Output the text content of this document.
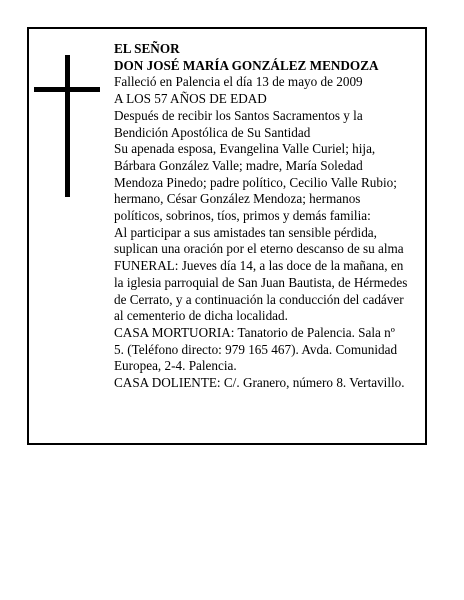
EL SEÑOR
DON JOSÉ MARÍA GONZÁLEZ MENDOZA
Falleció en Palencia el día 13 de mayo de 2009
A LOS 57 AÑOS DE EDAD
Después de recibir los Santos Sacramentos y la
Bendición Apostólica de Su Santidad
Su apenada esposa, Evangelina Valle Curiel; hija,
Bárbara González Valle; madre, María Soledad
Mendoza Pinedo; padre político, Cecilio Valle Rubio;
hermano, César González Mendoza; hermanos
políticos, sobrinos, tíos, primos y demás familia:
Al participar a sus amistades tan sensible pérdida,
suplican una oración por el eterno descanso de su alma
FUNERAL: Jueves día 14, a las doce de la mañana, en
la iglesia parroquial de San Juan Bautista, de Hérmedes
de Cerrato, y a continuación la conducción del cadáver
al cementerio de dicha localidad.
CASA MORTUORIA: Tanatorio de Palencia. Sala nº
5. (Teléfono directo: 979 165 467). Avda. Comunidad
Europea, 2-4. Palencia.
CASA DOLIENTE: C/. Granero, número 8. Vertavillo.
